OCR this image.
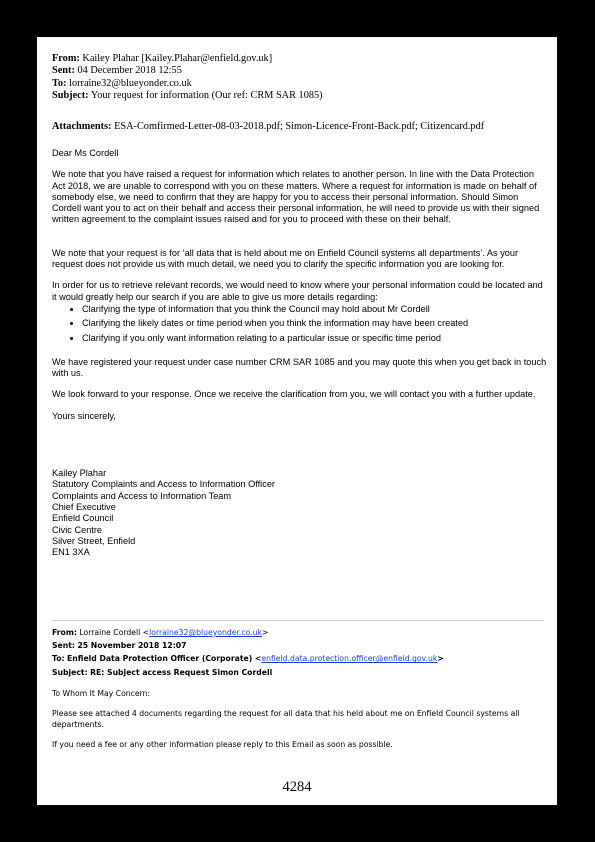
From: Kailey Plahar [Kailey.Plahar@enfield.gov.uk]
Sent: 04 December 2018 12:55
To: lorraine32@blueyonder.co.uk
Subject: Your request for information (Our ref: CRM SAR 1085)
Attachments: ESA-Comfirmed-Letter-08-03-2018.pdf; Simon-Licence-Front-Back.pdf; Citizencard.pdf

Dear Ms Cordell

We note that you have raised a request for information which relates to another person. In line with the Data Protection Act 2018, we are unable to correspond with you on these matters. Where a request for information is made on behalf of somebody else, we need to confirm that they are happy for you to access their personal information. Should Simon Cordell want you to act on their behalf and access their personal information, he will need to provide us with their signed written agreement to the complaint issues raised and for you to proceed with these on their behalf.

We note that your request is for ‘all data that is held about me on Enfield Council systems all departments’. As your request does not provide us with much detail, we need you to clarify the specific information you are looking for.

In order for us to retrieve relevant records, we would need to know where your personal information could be located and it would greatly help our search if you are able to give us more details regarding:

• Clarifying the type of information that you think the Council may hold about Mr Cordell
• Clarifying the likely dates or time period when you think the information may have been created
• Clarifying if you only want information relating to a particular issue or specific time period

We have registered your request under case number CRM SAR 1085 and you may quote this when you get back in touch with us.

We look forward to your response. Once we receive the clarification from you, we will contact you with a further update.

Yours sincerely,

Kailey Plahar

Statutory Complaints and Access to Information Officer

Complaints and Access to Information Team

Chief Executive

Enfield Council

Civic Centre

Silver Street, Enfield

EN1 3XA

From: Lorraine Cordell <lorraine32@blueyonder.co.uk>

Sent: 25 November 2018 12:07

To: Enfield Data Protection Officer (Corporate) <enfield.data.protection.officer@enfield.gov.uk>

Subject: RE: Subject access Request Simon Cordell

To Whom It May Concern:

Please see attached 4 documents regarding the request for all data that his held about me on Enfield Council systems all departments.

If you need a fee or any other information please reply to this Email as soon as possible.

4284
